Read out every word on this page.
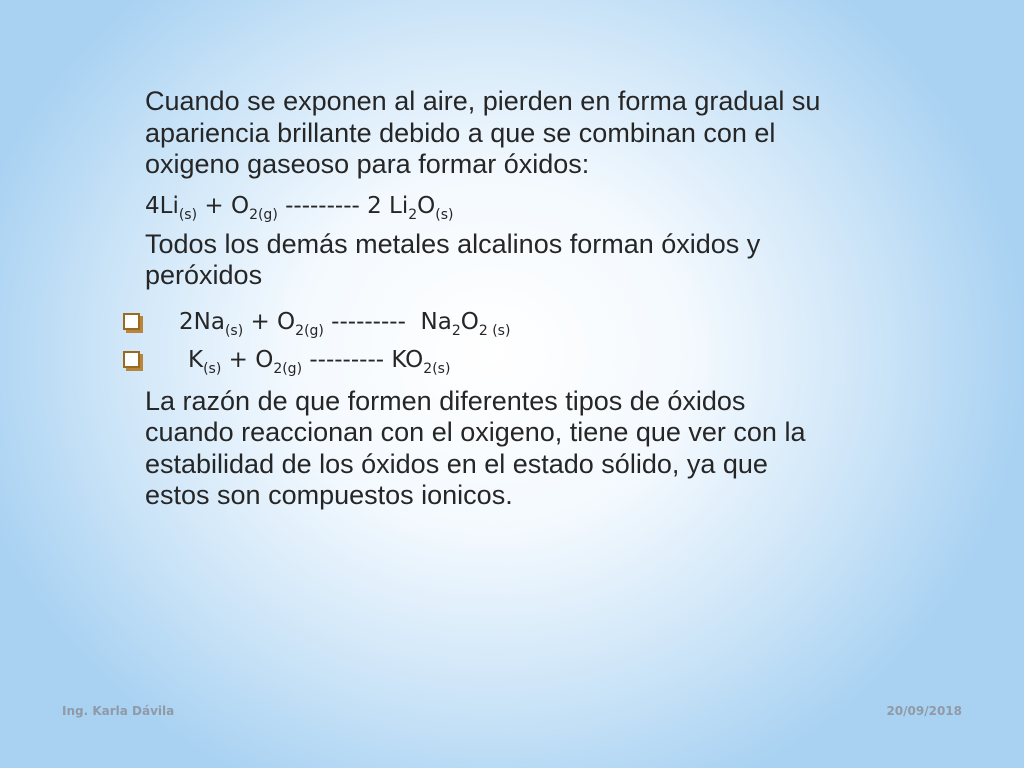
Cuando se exponen al aire, pierden en forma gradual su apariencia brillante debido a que se combinan con el oxigeno gaseoso para formar óxidos:

$4Li_{(s)} + O_{2(g)}$ --------- 2 $Li_2O_{(s)}$

Todos los demás metales alcalinos forman óxidos y peróxidos

$2Na_{(s)} + O_{2(g)}$ ---------  $Na_2O_{2 (s)}$
$K_{(s)} + O_{2(g)}$ --------- $KO_{2(s)}$

La razón de que formen diferentes tipos de óxidos cuando reaccionan con el oxigeno, tiene que ver con la estabilidad de los óxidos en el estado sólido, ya que estos son compuestos ionicos.

Ing. Karla Dávila	20/09/2018
